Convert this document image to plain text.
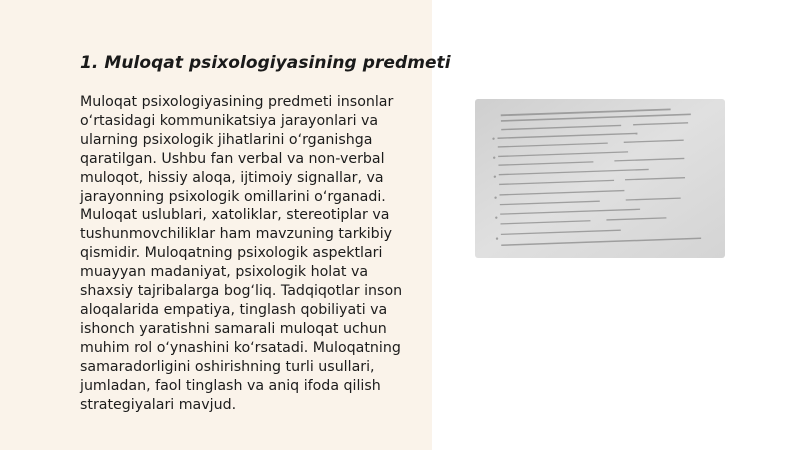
1. Muloqat psixologiyasining predmeti

Muloqat psixologiyasining predmeti insonlar o‘rtasidagi kommunikatsiya jarayonlari va ularning psixologik jihatlarini o‘rganishga qaratilgan. Ushbu fan verbal va non-verbal muloqot, hissiy aloqa, ijtimoiy signallar, va jarayonning psixologik omillarini o‘rganadi. Muloqat uslublari, xatoliklar, stereotiplar va tushunmovchiliklar ham mavzuning tarkibiy qismidir. Muloqatning psixologik aspektlari muayyan madaniyat, psixologik holat va shaxsiy tajribalarga bog‘liq. Tadqiqotlar inson aloqalarida empatiya, tinglash qobiliyati va ishonch yaratishni samarali muloqat uchun muhim rol o‘ynashini ko‘rsatadi. Muloqatning samaradorligini oshirishning turli usullari, jumladan, faol tinglash va aniq ifoda qilish strategiyalari mavjud.
